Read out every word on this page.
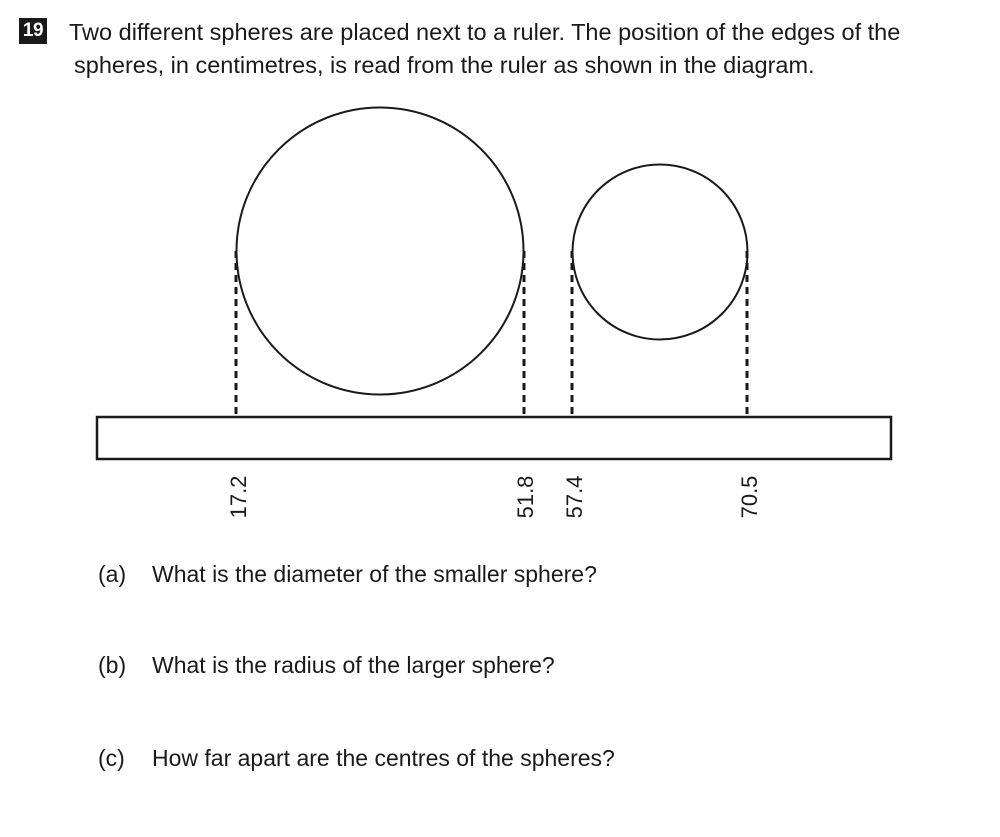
19 Two different spheres are placed next to a ruler. The position of the edges of the
spheres, in centimetres, is read from the ruler as shown in the diagram.

17.2	51.8 57.4	70.5
(a) What is the diameter of the smaller sphere?
(b) What is the radius of the larger sphere?
(c) How far apart are the centres of the spheres?
